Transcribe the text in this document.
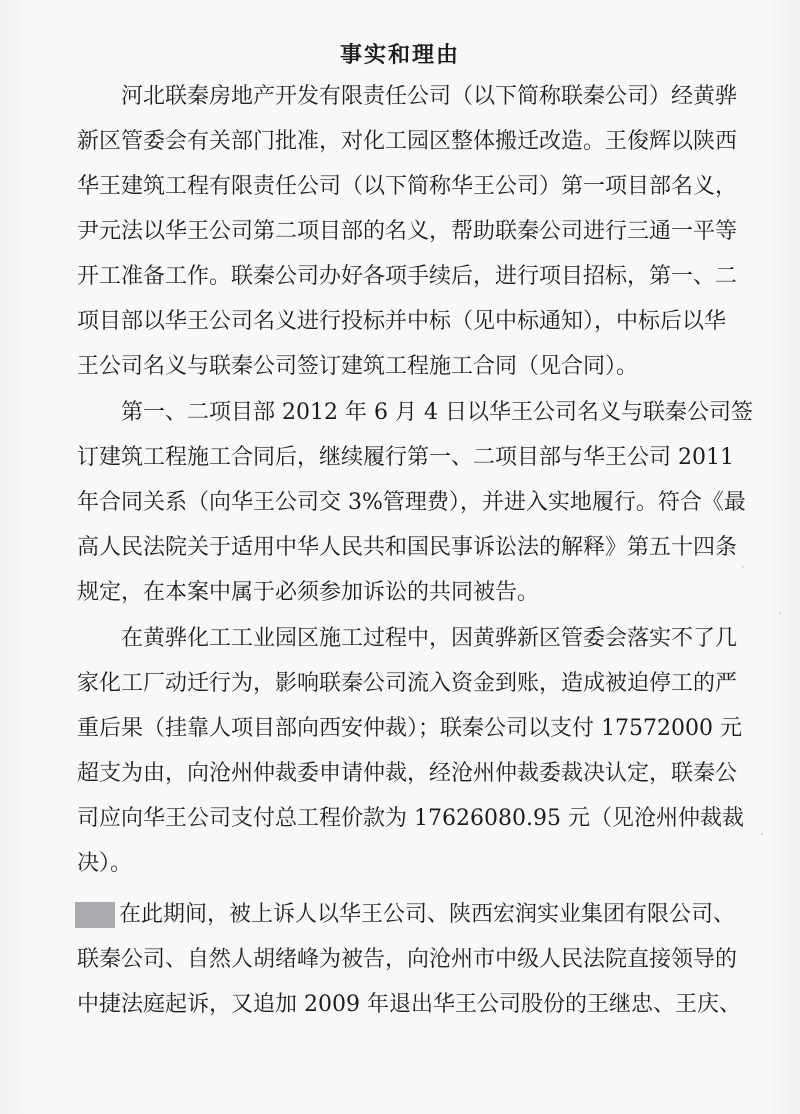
事实和理由
河北联秦房地产开发有限责任公司（以下简称联秦公司）经黄骅
新区管委会有关部门批准，对化工园区整体搬迁改造。王俊辉以陕西
华王建筑工程有限责任公司（以下简称华王公司）第一项目部名义，
尹元法以华王公司第二项目部的名义，帮助联秦公司进行三通一平等
开工准备工作。联秦公司办好各项手续后，进行项目招标，第一、二
项目部以华王公司名义进行投标并中标（见中标通知），中标后以华
王公司名义与联秦公司签订建筑工程施工合同（见合同）。
第一、二项目部 2012 年 6 月 4 日以华王公司名义与联秦公司签
订建筑工程施工合同后，继续履行第一、二项目部与华王公司 2011
年合同关系（向华王公司交 3%管理费），并进入实地履行。符合《最
高人民法院关于适用中华人民共和国民事诉讼法的解释》第五十四条
规定，在本案中属于必须参加诉讼的共同被告。
在黄骅化工工业园区施工过程中，因黄骅新区管委会落实不了几
家化工厂动迁行为，影响联秦公司流入资金到账，造成被迫停工的严
重后果（挂靠人项目部向西安仲裁）；联秦公司以支付 17572000 元
超支为由，向沧州仲裁委申请仲裁，经沧州仲裁委裁决认定，联秦公
司应向华王公司支付总工程价款为 17626080.95 元（见沧州仲裁裁
决）。
在此期间，被上诉人以华王公司、陕西宏润实业集团有限公司、
联秦公司、自然人胡绪峰为被告，向沧州市中级人民法院直接领导的
中捷法庭起诉，又追加 2009 年退出华王公司股份的王继忠、王庆、
